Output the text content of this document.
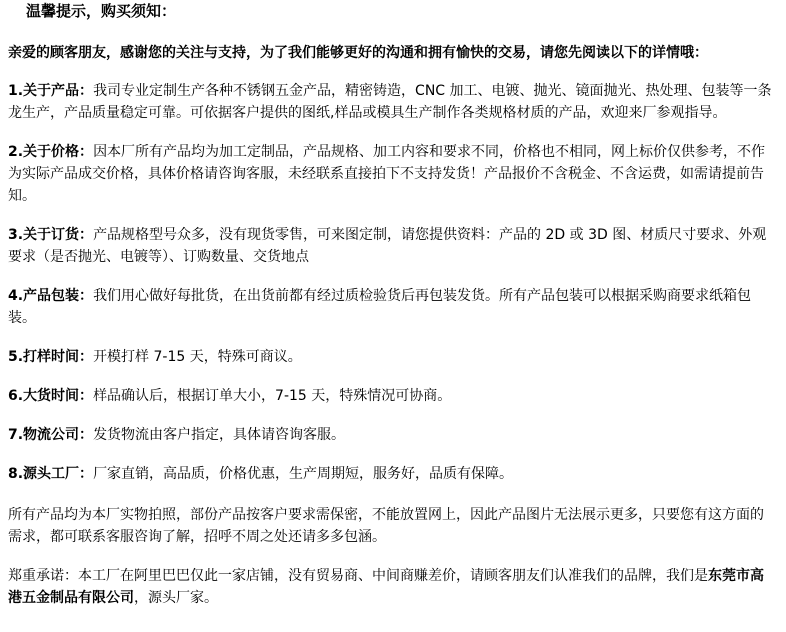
温馨提示，购买须知：

亲爱的顾客朋友，感谢您的关注与支持，为了我们能够更好的沟通和拥有愉快的交易，请您先阅读以下的详情哦：

1.关于产品：我司专业定制生产各种不锈钢五金产品，精密铸造，CNC 加工、电镀、抛光、镜面抛光、热处理、包装等一条龙生产，产品质量稳定可靠。可依据客户提供的图纸,样品或模具生产制作各类规格材质的产品，欢迎来厂参观指导。

2.关于价格：因本厂所有产品均为加工定制品，产品规格、加工内容和要求不同，价格也不相同，网上标价仅供参考，不作为实际产品成交价格，具体价格请咨询客服，未经联系直接拍下不支持发货！产品报价不含税金、不含运费，如需请提前告知。

3.关于订货：产品规格型号众多，没有现货零售，可来图定制，请您提供资料：产品的 2D 或 3D 图、材质尺寸要求、外观要求（是否抛光、电镀等）、订购数量、交货地点

4.产品包装：我们用心做好每批货，在出货前都有经过质检验货后再包装发货。所有产品包装可以根据采购商要求纸箱包装。

5.打样时间：开模打样 7-15 天，特殊可商议。

6.大货时间：样品确认后，根据订单大小，7-15 天，特殊情况可协商。

7.物流公司：发货物流由客户指定，具体请咨询客服。

8.源头工厂：厂家直销，高品质，价格优惠，生产周期短，服务好，品质有保障。

所有产品均为本厂实物拍照，部份产品按客户要求需保密，不能放置网上，因此产品图片无法展示更多，只要您有这方面的需求，都可联系客服咨询了解，招呼不周之处还请多多包涵。

郑重承诺：本工厂在阿里巴巴仅此一家店铺，没有贸易商、中间商赚差价，请顾客朋友们认准我们的品牌，我们是东莞市高港五金制品有限公司，源头厂家。
